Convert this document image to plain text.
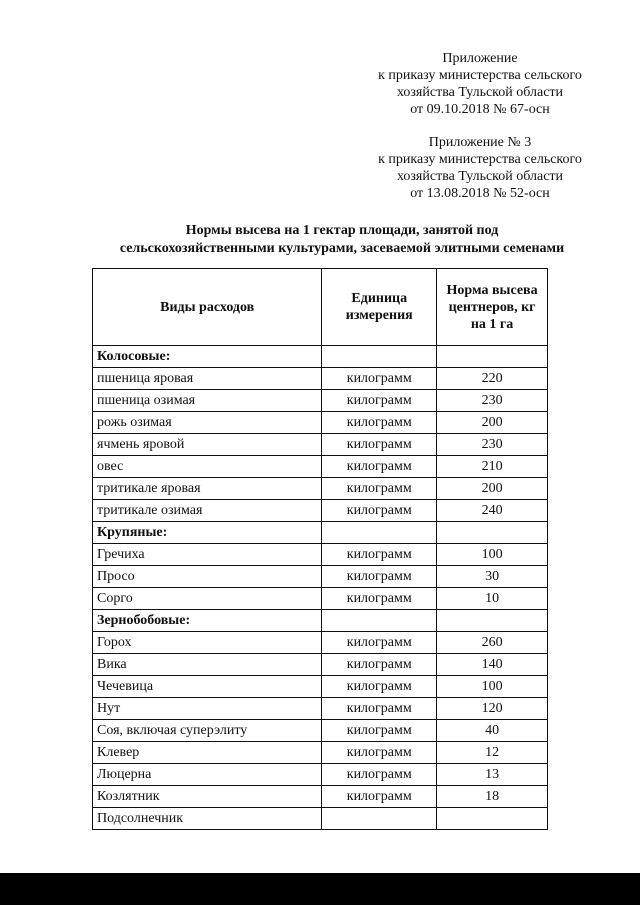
Приложение
к приказу министерства сельского
хозяйства Тульской области
от 09.10.2018 № 67-осн
Приложение № 3
к приказу министерства сельского
хозяйства Тульской области
от 13.08.2018 № 52-осн
Нормы высева на 1 гектар площади, занятой под
сельскохозяйственными культурами, засеваемой элитными семенами
Виды расходов	Единица измерения	Норма высева центнеров, кг на 1 га
Колосовые:		
пшеница яровая	килограмм	220
пшеница озимая	килограмм	230
рожь озимая	килограмм	200
ячмень яровой	килограмм	230
овес	килограмм	210
тритикале яровая	килограмм	200
тритикале озимая	килограмм	240
Крупяные:		
Гречиха	килограмм	100
Просо	килограмм	30
Сорго	килограмм	10
Зернобобовые:		
Горох	килограмм	260
Вика	килограмм	140
Чечевица	килограмм	100
Нут	килограмм	120
Соя, включая суперэлиту	килограмм	40
Клевер	килограмм	12
Люцерна	килограмм	13
Козлятник	килограмм	18
Подсолнечник		
